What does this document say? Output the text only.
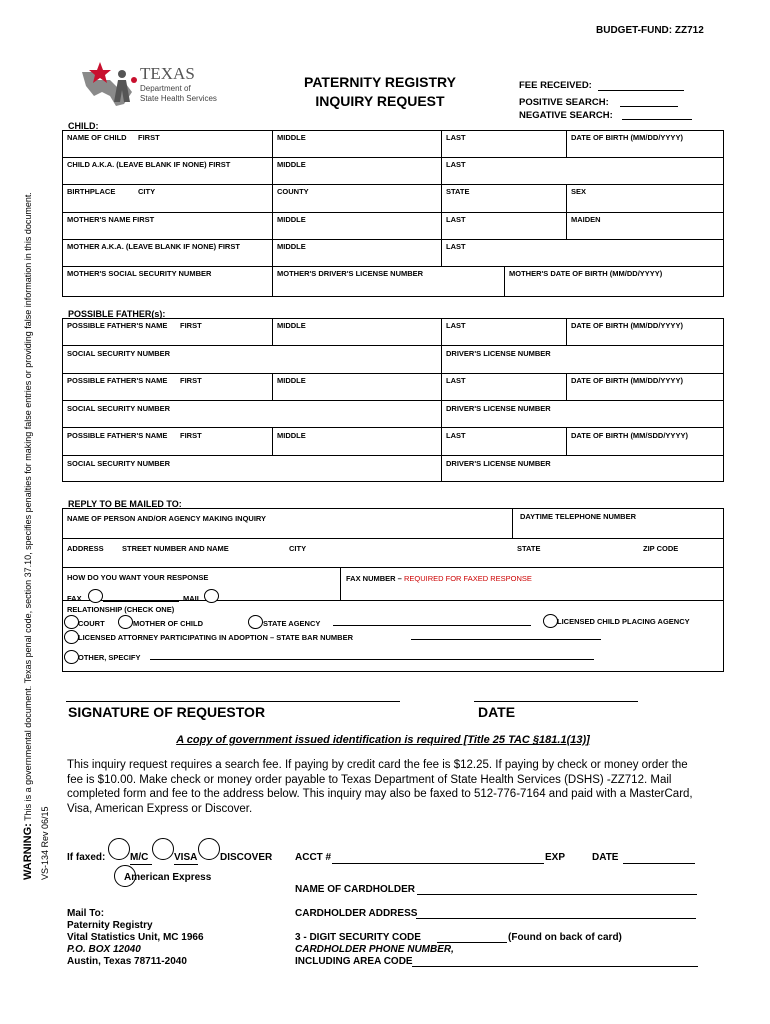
BUDGET-FUND: ZZ712
TEXAS
Department of
State Health Services
PATERNITY REGISTRY
INQUIRY REQUEST
FEE RECEIVED:
POSITIVE SEARCH:
NEGATIVE SEARCH:
WARNING: This is a governmental document. Texas penal code, section 37.10, specifies penalties for making false entries or providing false information in this document.
VS-134 Rev 06/15
CHILD:
NAME OF CHILD FIRST	MIDDLE	LAST	DATE OF BIRTH (MM/DD/YYYY)
CHILD A.K.A. (LEAVE BLANK IF NONE) FIRST	MIDDLE	LAST
BIRTHPLACE	CITY	COUNTY	STATE	SEX
MOTHER'S NAME FIRST	MIDDLE	LAST	MAIDEN
MOTHER A.K.A. (LEAVE BLANK IF NONE) FIRST	MIDDLE	LAST
MOTHER'S SOCIAL SECURITY NUMBER	MOTHER'S DRIVER'S LICENSE NUMBER	MOTHER'S DATE OF BIRTH (MM/DD/YYYY)
POSSIBLE FATHER(s):
POSSIBLE FATHER'S NAME FIRST	MIDDLE	LAST	DATE OF BIRTH (MM/DD/YYYY)
SOCIAL SECURITY NUMBER	DRIVER'S LICENSE NUMBER
POSSIBLE FATHER'S NAME FIRST	MIDDLE	LAST	DATE OF BIRTH (MM/DD/YYYY)
SOCIAL SECURITY NUMBER	DRIVER'S LICENSE NUMBER
POSSIBLE FATHER'S NAME FIRST	MIDDLE	LAST	DATE OF BIRTH (MM/SDD/YYYY)
SOCIAL SECURITY NUMBER	DRIVER'S LICENSE NUMBER
REPLY TO BE MAILED TO:
NAME OF PERSON AND/OR AGENCY MAKING INQUIRY	DAYTIME TELEPHONE NUMBER
ADDRESS STREET NUMBER AND NAME	CITY	STATE	ZIP CODE
HOW DO YOU WANT YOUR RESPONSE	FAX NUMBER – REQUIRED FOR FAXED RESPONSE
FAX	MAIL
RELATIONSHIP (CHECK ONE)
COURT	MOTHER OF CHILD	STATE AGENCY	LICENSED CHILD PLACING AGENCY
LICENSED ATTORNEY PARTICIPATING IN ADOPTION – STATE BAR NUMBER
OTHER, SPECIFY
SIGNATURE OF REQUESTOR	DATE
A copy of government issued identification is required [Title 25 TAC §181.1(13)]
This inquiry request requires a search fee. If paying by credit card the fee is $12.25. If paying by check or money order the fee is $10.00. Make check or money order payable to Texas Department of State Health Services (DSHS) -ZZ712. Mail completed form and fee to the address below. This inquiry may also be faxed to 512-776-7164 and paid with a MasterCard, Visa, American Express or Discover.
If faxed: M/C	VISA DISCOVER
American Express
ACCT #	EXP	DATE
NAME OF CARDHOLDER
Mail To:
Paternity Registry
Vital Statistics Unit, MC 1966
P.O. BOX 12040
Austin, Texas 78711-2040
CARDHOLDER ADDRESS
3 - DIGIT SECURITY CODE	(Found on back of card)
CARDHOLDER PHONE NUMBER,
INCLUDING AREA CODE
